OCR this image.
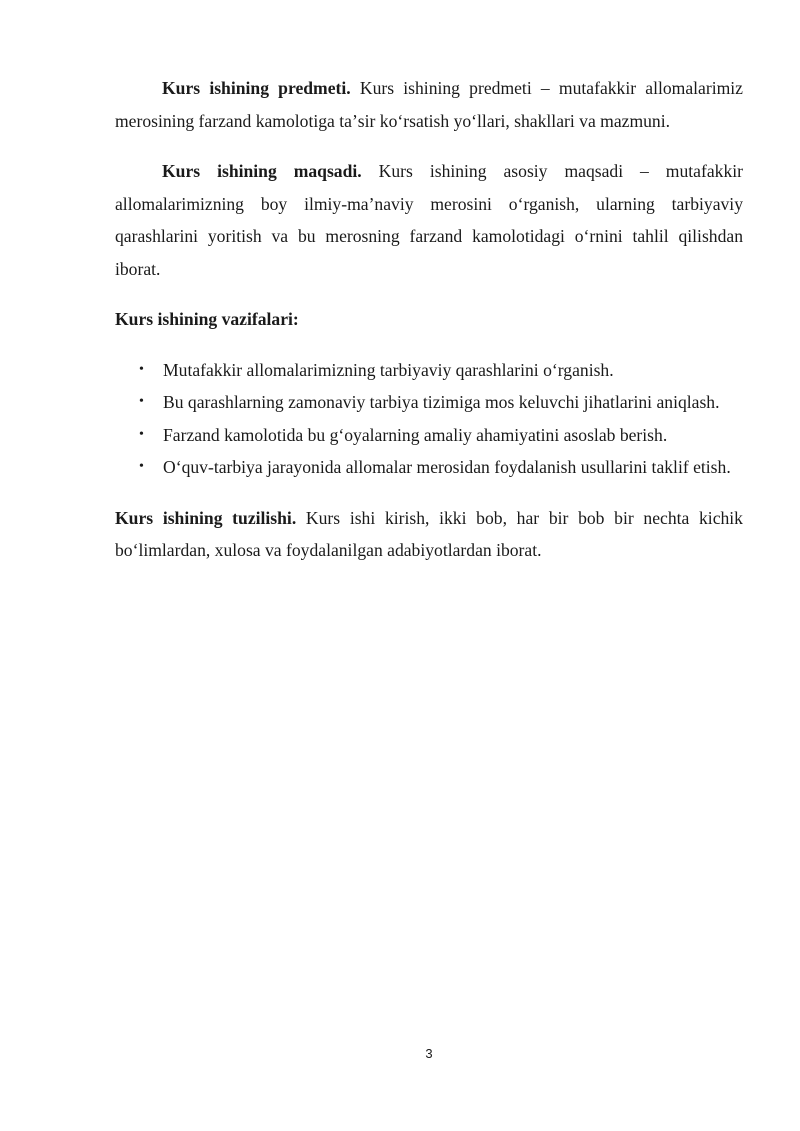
Kurs ishining predmeti. Kurs ishining predmeti – mutafakkir allomalarimiz merosining farzand kamolotiga taʼsir koʻrsatish yoʻllari, shakllari va mazmuni.

Kurs ishining maqsadi. Kurs ishining asosiy maqsadi – mutafakkir allomalarimizning boy ilmiy-maʼnaviy merosini oʻrganish, ularning tarbiyaviy qarashlarini yoritish va bu merosning farzand kamolotidagi oʻrnini tahlil qilishdan iborat.

Kurs ishining vazifalari:

• Mutafakkir allomalarimizning tarbiyaviy qarashlarini oʻrganish.
• Bu qarashlarning zamonaviy tarbiya tizimiga mos keluvchi jihatlarini aniqlash.
• Farzand kamolotida bu gʻoyalarning amaliy ahamiyatini asoslab berish.
• Oʻquv-tarbiya jarayonida allomalar merosidan foydalanish usullarini taklif etish.

Kurs ishining tuzilishi. Kurs ishi kirish, ikki bob, har bir bob bir nechta kichik boʻlimlardan, xulosa va foydalanilgan adabiyotlardan iborat.

3
